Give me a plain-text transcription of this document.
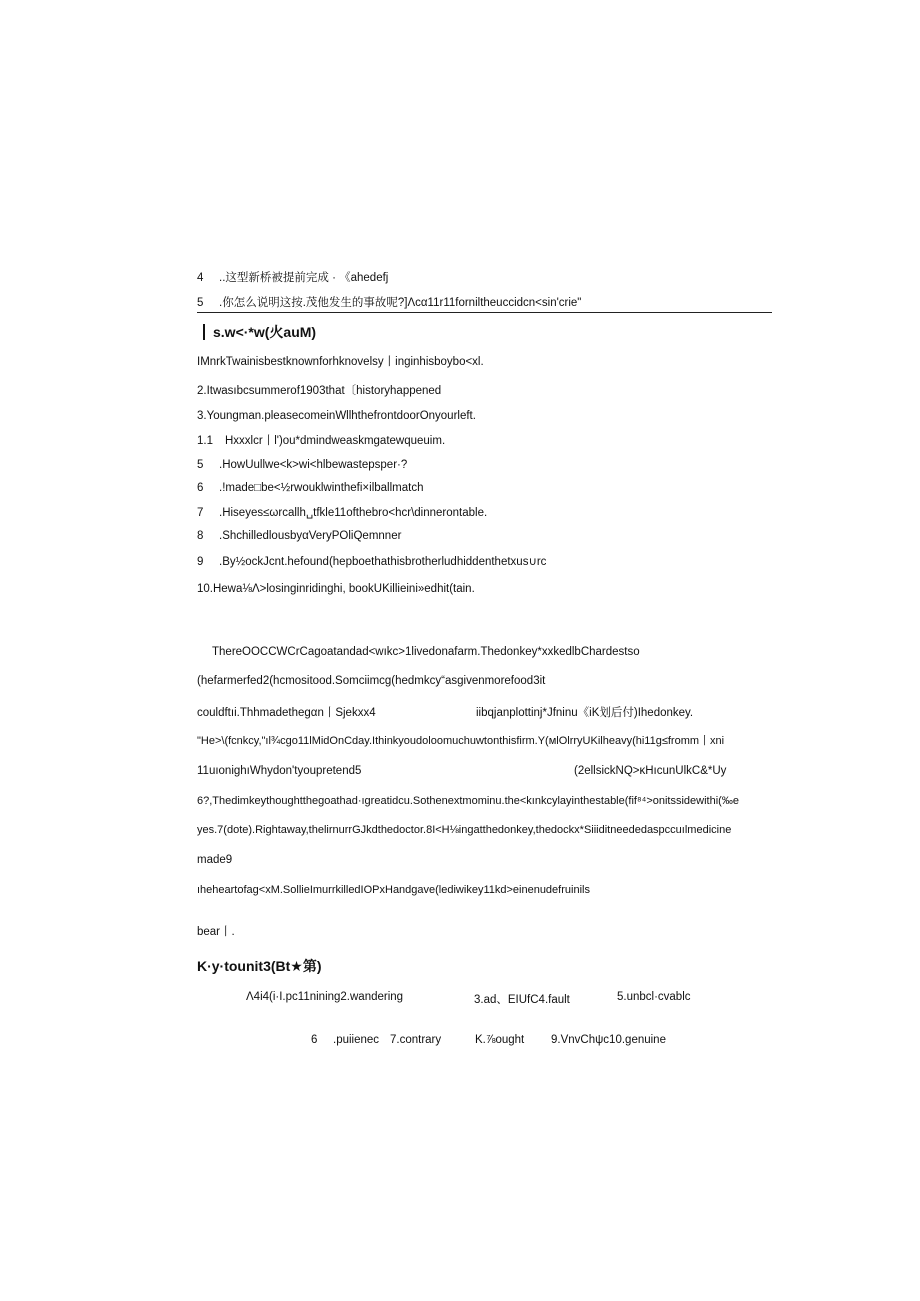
4 ..这型新桥被提前完成 · 《ahedefj
5 .你怎么说明这按.茂他发生的事故呢?]Λcα11r11fornilthеuccidcn<sin'crie"
s.w<·*w(火auM)
IMnrkTwainisbestknownforhknovelsy丨inginhisboybo<xl.
2.Itwasıbcsummerof1903that〔historyhappened
3.Youngman.pleasecomeinWllhthefrontdoorOnyourleft.
1.1 Hxxxlcr丨l')ou*dmindweaskmgatewqueuim.
5 .HowUullwe<k>wi<hlbewastepsper·?
6 .!made□be<½rwouklwinthefi×ilballmatch
7 .Hiseyes≤ωrcallh␣tfkle11ofthebro<hcr\dinnerontable.
8 .ShchilledlousbyαVeryPOliQemnner
9 .By½ockJcnt.hefound(hepboethathisbrotherludhiddenthetxus∪rc
10.Hewa⅛Λ>losinginridinghi, bookUKillieini»edhit(tain.
ThereOOCCWCrCagoatandad<wıkc>1livedonafarm.Thedonkey*xxkedlbChardestso
(hefarmerfed2(hcmositood.Somciimcg(hedmkcy“asgivenmorefood3it
couldftıi.Thhmadethegαn丨Sjekxx4	iibqjanplottinj*Jfninu《iK划后付)Ihedonkey.
"He>\(fcnkcy,"ıl¾cgo11lMidOnCday.Ithinkyoudoloomuchuwtonthisfirm.Y(ᴍlOlrryUKilheavy(hi11g≤fromm丨xni
11uıonighıWhydon'tyoupretend5	(2ellsickNQ>κHıcunUlkC&*Uy
6?,Thedimkeythoughtthegoathad·ıgreatidcu.Sothenextmominu.the<kınkcylayinthestable(fif⁸⁴>onitssidewithi(‰e
yes.7(dote).Rightaway,thelirnurrGJkdthedoctor.8I<H⅛ingatthedonkey,thedockx*Siiiditneededaspccuılmedicine
made9
ıheheartofag<xM.SollieImurrkilledIOPxHandgave(lediwikey11kd>einenudefruinils
bear丨.
K·y·tounit3(Bt★第)
Λ4i4(i·I.pc11nining2.wandering	3.ad、EIUfC4.fault	5.unbcl·cvablc
6 .puiienec 7.contrary	K.⅞ought 9.VnvChψc10.genuine
